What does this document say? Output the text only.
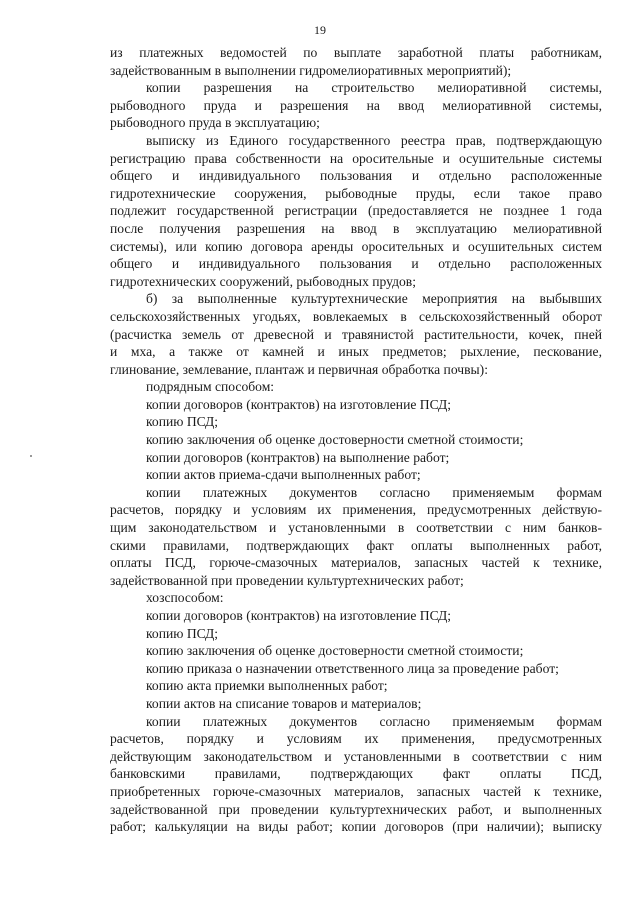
19
из платежных ведомостей по выплате заработной платы работникам,
задействованным в выполнении гидромелиоративных мероприятий);
копии разрешения на строительство мелиоративной системы,
рыбоводного пруда и разрешения на ввод мелиоративной системы,
рыбоводного пруда в эксплуатацию;
выписку из Единого государственного реестра прав, подтверждающую
регистрацию права собственности на оросительные и осушительные системы
общего и индивидуального пользования и отдельно расположенные
гидротехнические сооружения, рыбоводные пруды, если такое право
подлежит государственной регистрации (предоставляется не позднее 1 года
после получения разрешения на ввод в эксплуатацию мелиоративной
системы), или копию договора аренды оросительных и осушительных систем
общего и индивидуального пользования и отдельно расположенных
гидротехнических сооружений, рыбоводных прудов;
б) за выполненные культуртехнические мероприятия на выбывших
сельскохозяйственных угодьях, вовлекаемых в сельскохозяйственный оборот
(расчистка земель от древесной и травянистой растительности, кочек, пней
и мха, а также от камней и иных предметов; рыхление, пескование,
глинование, землевание, плантаж и первичная обработка почвы):
подрядным способом:
копии договоров (контрактов) на изготовление ПСД;
копию ПСД;
копию заключения об оценке достоверности сметной стоимости;
копии договоров (контрактов) на выполнение работ;
копии актов приема-сдачи выполненных работ;
копии платежных документов согласно применяемым формам
расчетов, порядку и условиям их применения, предусмотренных действую-
щим законодательством и установленными в соответствии с ним банков-
скими правилами, подтверждающих факт оплаты выполненных работ,
оплаты ПСД, горюче-смазочных материалов, запасных частей к технике,
задействованной при проведении культуртехнических работ;
хозспособом:
копии договоров (контрактов) на изготовление ПСД;
копию ПСД;
копию заключения об оценке достоверности сметной стоимости;
копию приказа о назначении ответственного лица за проведение работ;
копию акта приемки выполненных работ;
копии актов на списание товаров и материалов;
копии платежных документов согласно применяемым формам
расчетов, порядку и условиям их применения, предусмотренных
действующим законодательством и установленными в соответствии с ним
банковскими правилами, подтверждающих факт оплаты ПСД,
приобретенных горюче-смазочных материалов, запасных частей к технике,
задействованной при проведении культуртехнических работ, и выполненных
работ; калькуляции на виды работ; копии договоров (при наличии); выписку
